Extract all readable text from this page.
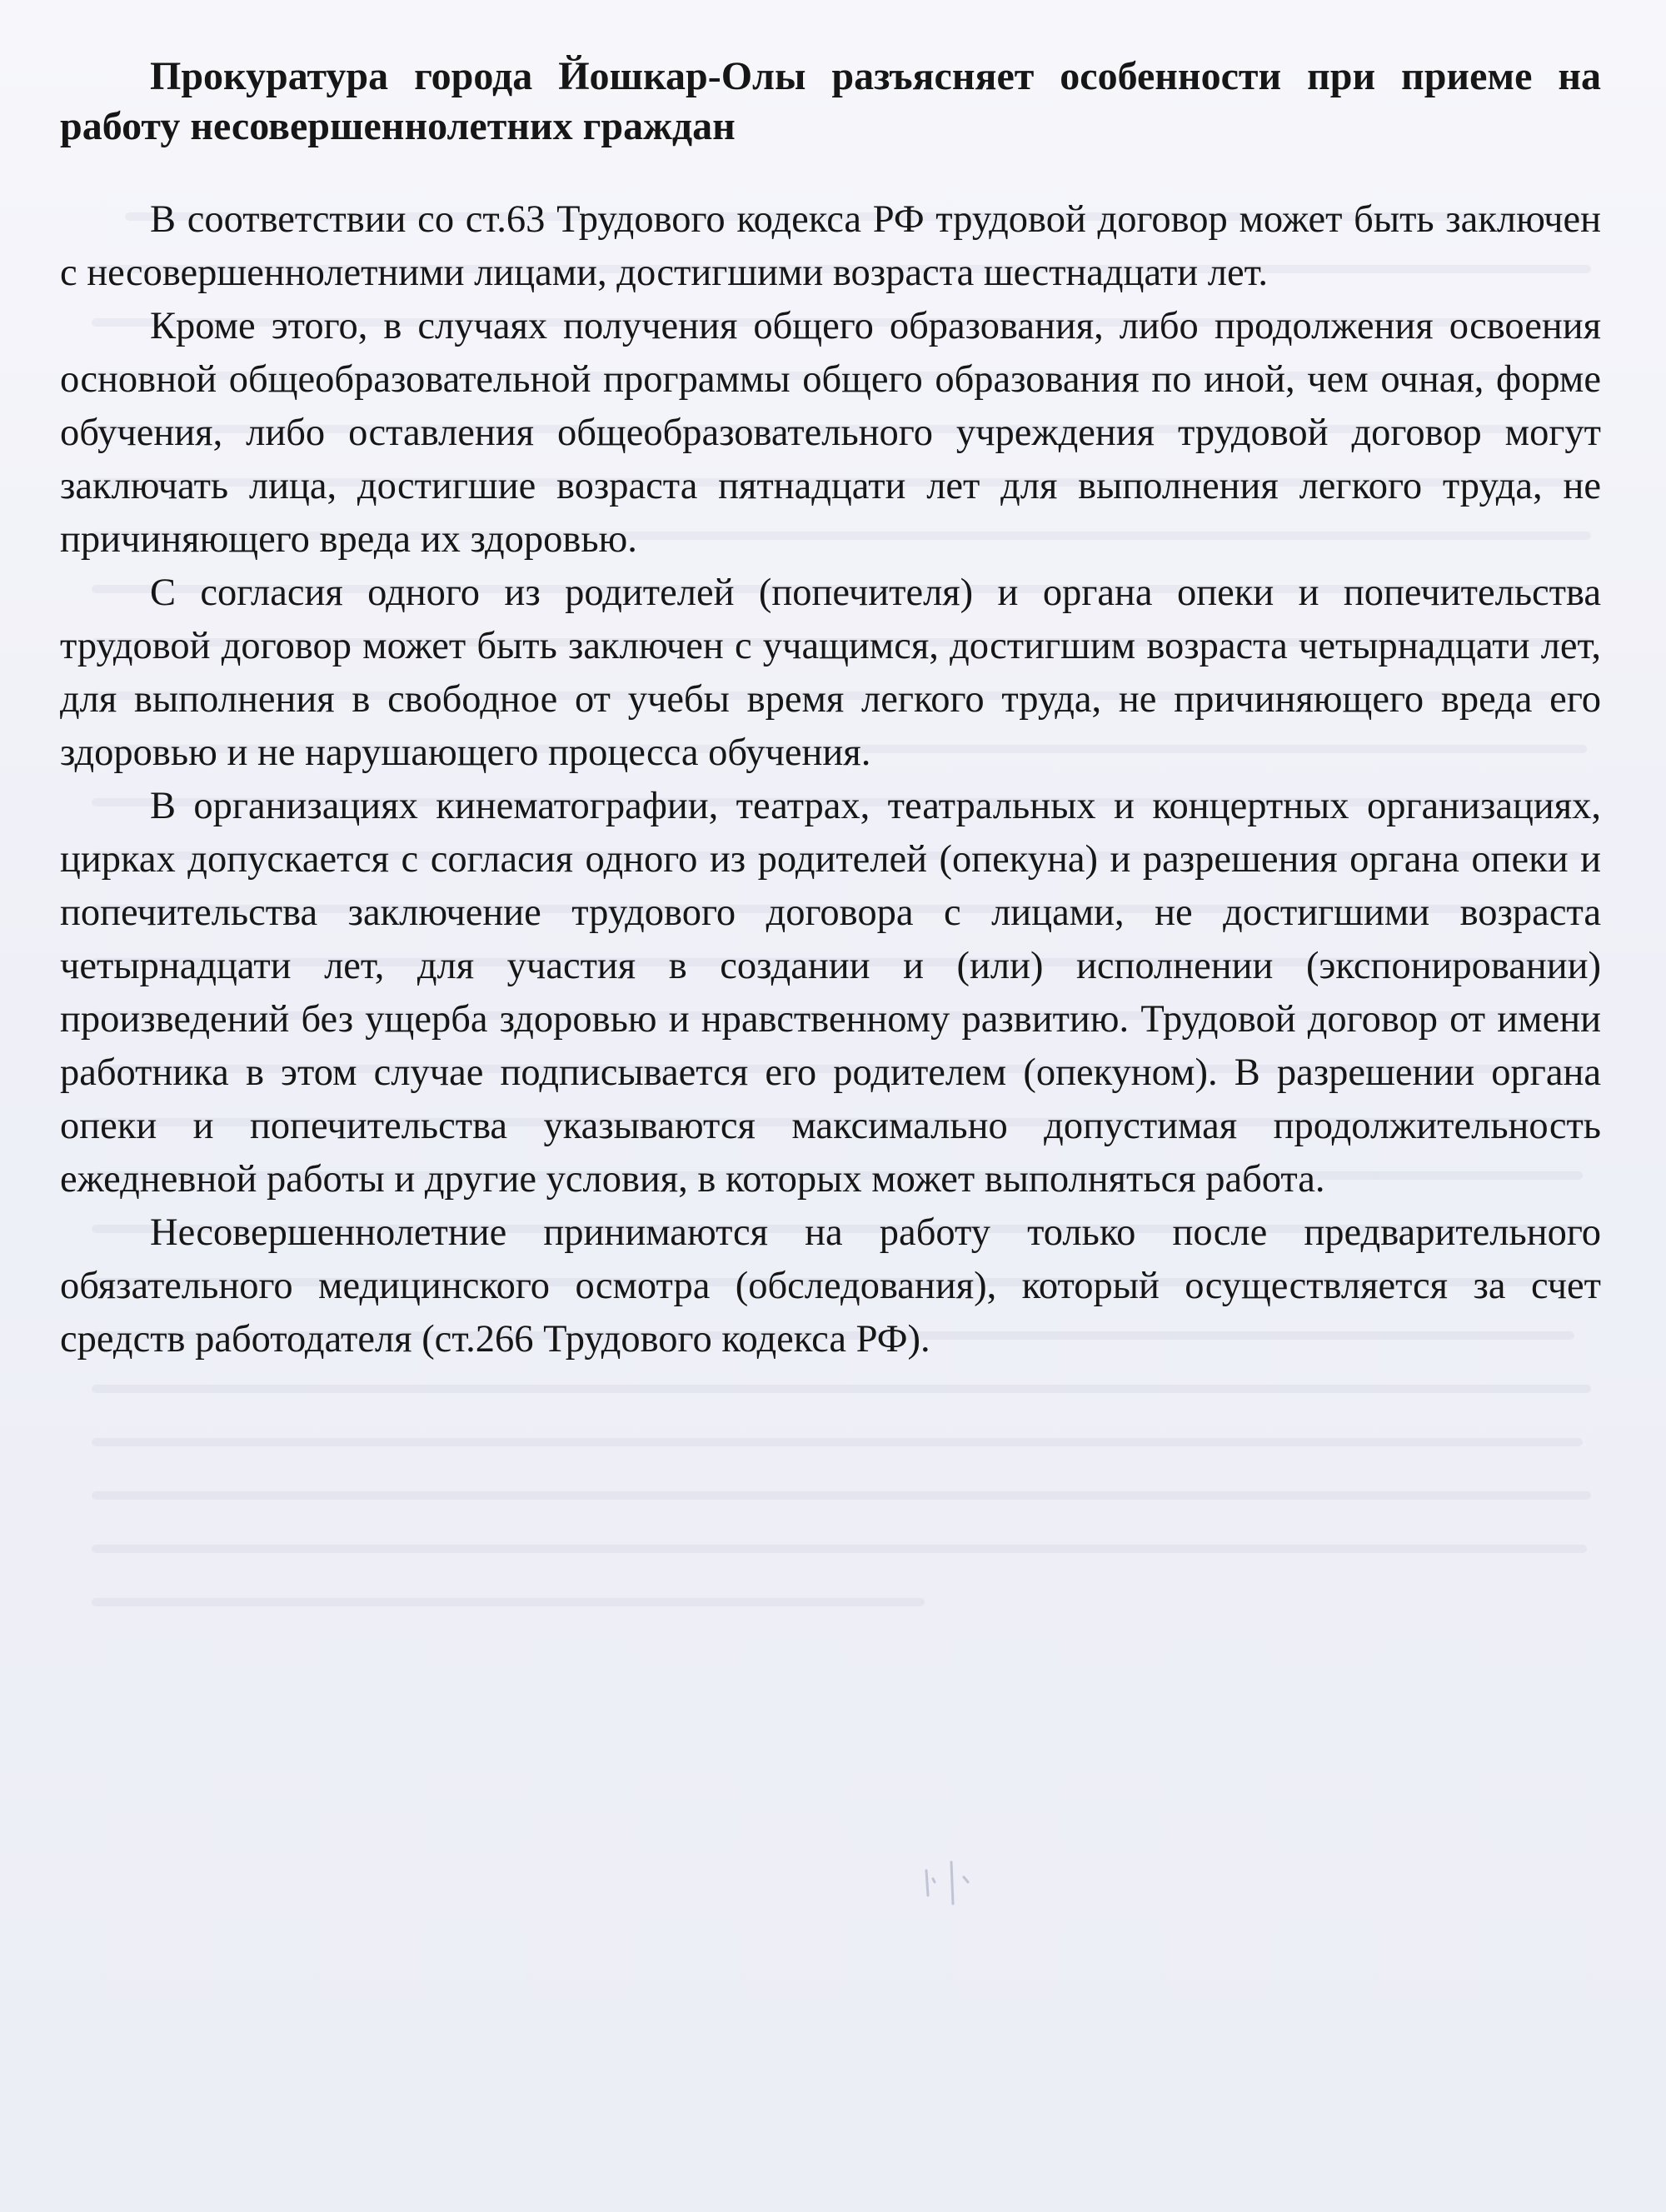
Прокуратура города Йошкар-Олы разъясняет особенности при приеме на работу несовершеннолетних граждан

В соответствии со ст.63 Трудового кодекса РФ трудовой договор может быть заключен с несовершеннолетними лицами, достигшими возраста шестнадцати лет.

Кроме этого, в случаях получения общего образования, либо продолжения освоения основной общеобразовательной программы общего образования по иной, чем очная, форме обучения, либо оставления общеобразовательного учреждения трудовой договор могут заключать лица, достигшие возраста пятнадцати лет для выполнения легкого труда, не причиняющего вреда их здоровью.

С согласия одного из родителей (попечителя) и органа опеки и попечительства трудовой договор может быть заключен с учащимся, достигшим возраста четырнадцати лет, для выполнения в свободное от учебы время легкого труда, не причиняющего вреда его здоровью и не нарушающего процесса обучения.

В организациях кинематографии, театрах, театральных и концертных организациях, цирках допускается с согласия одного из родителей (опекуна) и разрешения органа опеки и попечительства заключение трудового договора с лицами, не достигшими возраста четырнадцати лет, для участия в создании и (или) исполнении (экспонировании) произведений без ущерба здоровью и нравственному развитию. Трудовой договор от имени работника в этом случае подписывается его родителем (опекуном). В разрешении органа опеки и попечительства указываются максимально допустимая продолжительность ежедневной работы и другие условия, в которых может выполняться работа.

Несовершеннолетние принимаются на работу только после предварительного обязательного медицинского осмотра (обследования), который осуществляется за счет средств работодателя (ст.266 Трудового кодекса РФ).
